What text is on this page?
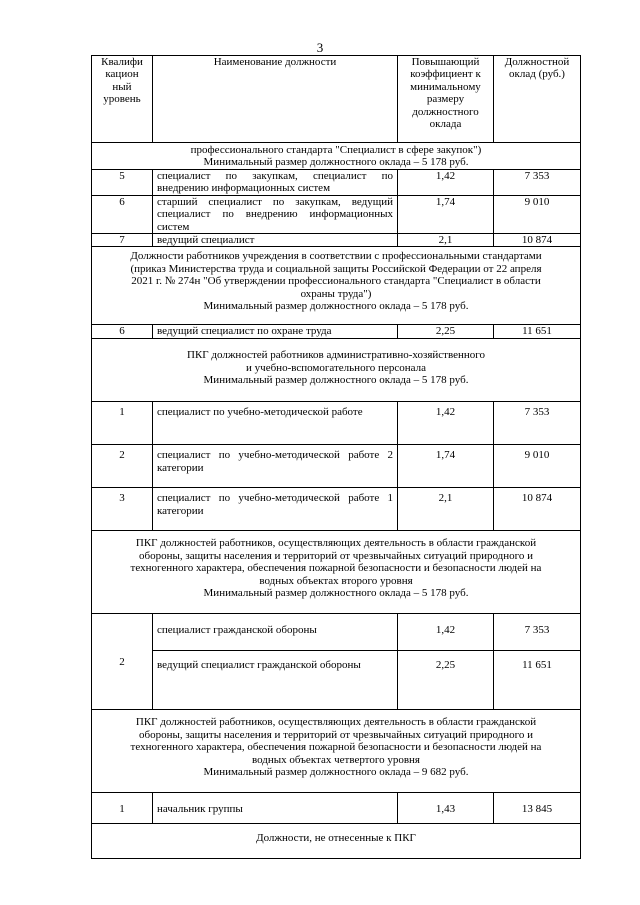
3
Квалифи кацион ный уровень	Наименование должности	Повышающий коэффициент к минимальному размеру должностного оклада	Должностной оклад (руб.)

профессионального стандарта "Специалист в сфере закупок")
Минимальный размер должностного оклада – 5 178 руб.			

5	специалист по закупкам, специалист по внедрению информационных систем	1,42	7 353
6	старший специалист по закупкам, ведущий специалист по внедрению информационных систем	1,74	9 010
7	ведущий специалист	2,1	10 874

Должности работников учреждения в соответствии с профессиональными стандартами
(приказ Министерства труда и социальной защиты Российской Федерации от 22 апреля
2021 г. № 274н "Об утверждении профессионального стандарта "Специалист в области
охраны труда")
Минимальный размер должностного оклада – 5 178 руб.			

6	ведущий специалист по охране труда	2,25	11 651

ПКГ должностей работников административно-хозяйственного
и учебно-вспомогательного персонала
Минимальный размер должностного оклада – 5 178 руб.			

1	специалист по учебно-методической работе	1,42	7 353
2	специалист по учебно-методической работе 2 категории	1,74	9 010
3	специалист по учебно-методической работе 1 категории	2,1	10 874

ПКГ должностей работников, осуществляющих деятельность в области гражданской
обороны, защиты населения и территорий от чрезвычайных ситуаций природного и
техногенного характера, обеспечения пожарной безопасности и безопасности людей на
водных объектах второго уровня
Минимальный размер должностного оклада – 5 178 руб.			

2	специалист гражданской обороны	1,42	7 353
	ведущий специалист гражданской обороны	2,25	11 651

ПКГ должностей работников, осуществляющих деятельность в области гражданской
обороны, защиты населения и территорий от чрезвычайных ситуаций природного и
техногенного характера, обеспечения пожарной безопасности и безопасности людей на
водных объектах четвертого уровня
Минимальный размер должностного оклада – 9 682 руб.			

1	начальник группы	1,43	13 845

Должности, не отнесенные к ПКГ			
